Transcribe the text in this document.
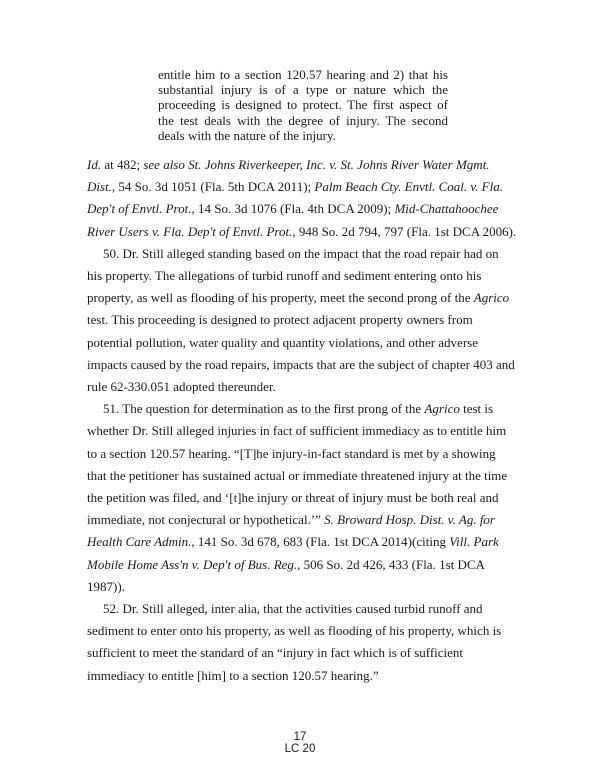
entitle him to a section 120.57 hearing and 2) that his substantial injury is of a type or nature which the proceeding is designed to protect. The first aspect of the test deals with the degree of injury. The second deals with the nature of the injury.

Id. at 482; see also St. Johns Riverkeeper, Inc. v. St. Johns River Water Mgmt. Dist., 54 So. 3d 1051 (Fla. 5th DCA 2011); Palm Beach Cty. Envtl. Coal. v. Fla. Dep't of Envtl. Prot., 14 So. 3d 1076 (Fla. 4th DCA 2009); Mid-Chattahoochee River Users v. Fla. Dep't of Envtl. Prot., 948 So. 2d 794, 797 (Fla. 1st DCA 2006).

50. Dr. Still alleged standing based on the impact that the road repair had on his property. The allegations of turbid runoff and sediment entering onto his property, as well as flooding of his property, meet the second prong of the Agrico test. This proceeding is designed to protect adjacent property owners from potential pollution, water quality and quantity violations, and other adverse impacts caused by the road repairs, impacts that are the subject of chapter 403 and rule 62-330.051 adopted thereunder.

51. The question for determination as to the first prong of the Agrico test is whether Dr. Still alleged injuries in fact of sufficient immediacy as to entitle him to a section 120.57 hearing. “[T]he injury-in-fact standard is met by a showing that the petitioner has sustained actual or immediate threatened injury at the time the petition was filed, and ‘[t]he injury or threat of injury must be both real and immediate, not conjectural or hypothetical.’” S. Broward Hosp. Dist. v. Ag. for Health Care Admin., 141 So. 3d 678, 683 (Fla. 1st DCA 2014)(citing Vill. Park Mobile Home Ass'n v. Dep't of Bus. Reg., 506 So. 2d 426, 433 (Fla. 1st DCA 1987)).

52. Dr. Still alleged, inter alia, that the activities caused turbid runoff and sediment to enter onto his property, as well as flooding of his property, which is sufficient to meet the standard of an “injury in fact which is of sufficient immediacy to entitle [him] to a section 120.57 hearing.”

17
LC 20
